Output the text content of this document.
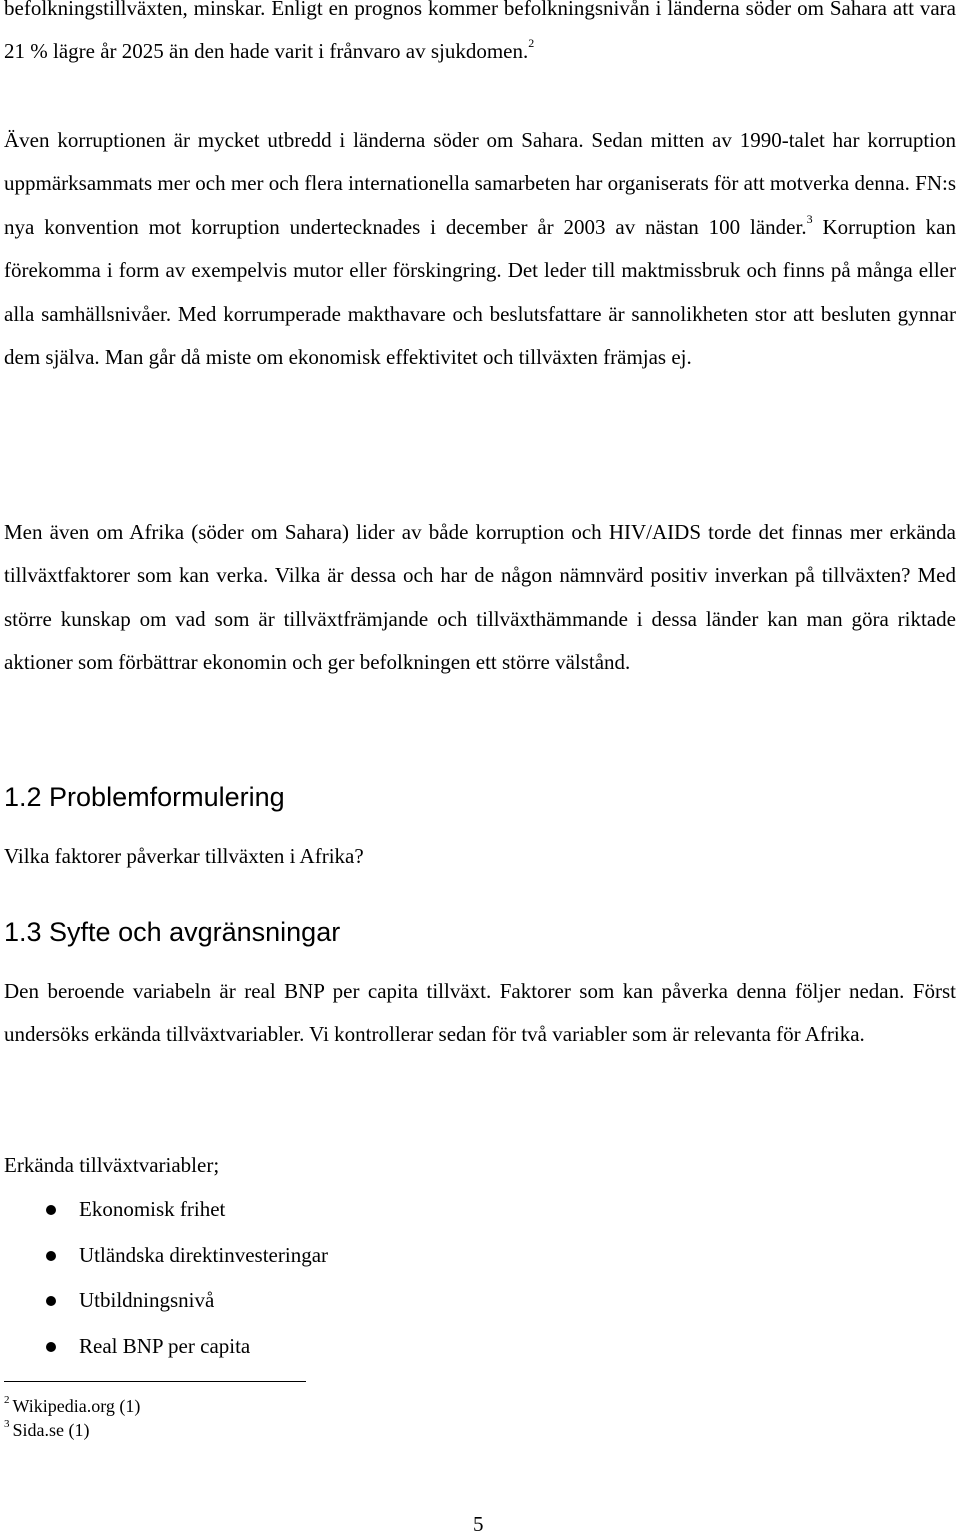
befolkningstillväxten, minskar. Enligt en prognos kommer befolkningsnivån i länderna söder om Sahara att vara 21 % lägre år 2025 än den hade varit i frånvaro av sjukdomen.$^2$

Även korruptionen är mycket utbredd i länderna söder om Sahara. Sedan mitten av 1990-talet har korruption uppmärksammats mer och mer och flera internationella samarbeten har organiserats för att motverka denna. FN:s nya konvention mot korruption undertecknades i december år 2003 av nästan 100 länder.$^3$ Korruption kan förekomma i form av exempelvis mutor eller förskingring. Det leder till maktmissbruk och finns på många eller alla samhällsnivåer. Med korrumperade makthavare och beslutsfattare är sannolikheten stor att besluten gynnar dem själva. Man går då miste om ekonomisk effektivitet och tillväxten främjas ej.

Men även om Afrika (söder om Sahara) lider av både korruption och HIV/AIDS torde det finnas mer erkända tillväxtfaktorer som kan verka. Vilka är dessa och har de någon nämnvärd positiv inverkan på tillväxten? Med större kunskap om vad som är tillväxtfrämjande och tillväxthämmande i dessa länder kan man göra riktade aktioner som förbättrar ekonomin och ger befolkningen ett större välstånd.

1.2 Problemformulering

Vilka faktorer påverkar tillväxten i Afrika?

1.3 Syfte och avgränsningar

Den beroende variabeln är real BNP per capita tillväxt. Faktorer som kan påverka denna följer nedan. Först undersöks erkända tillväxtvariabler. Vi kontrollerar sedan för två variabler som är relevanta för Afrika.

Erkända tillväxtvariabler;

Ekonomisk frihet
Utländska direktinvesteringar
Utbildningsnivå
Real BNP per capita
$^2$ Wikipedia.org (1)
$^3$ Sida.se (1)
5
